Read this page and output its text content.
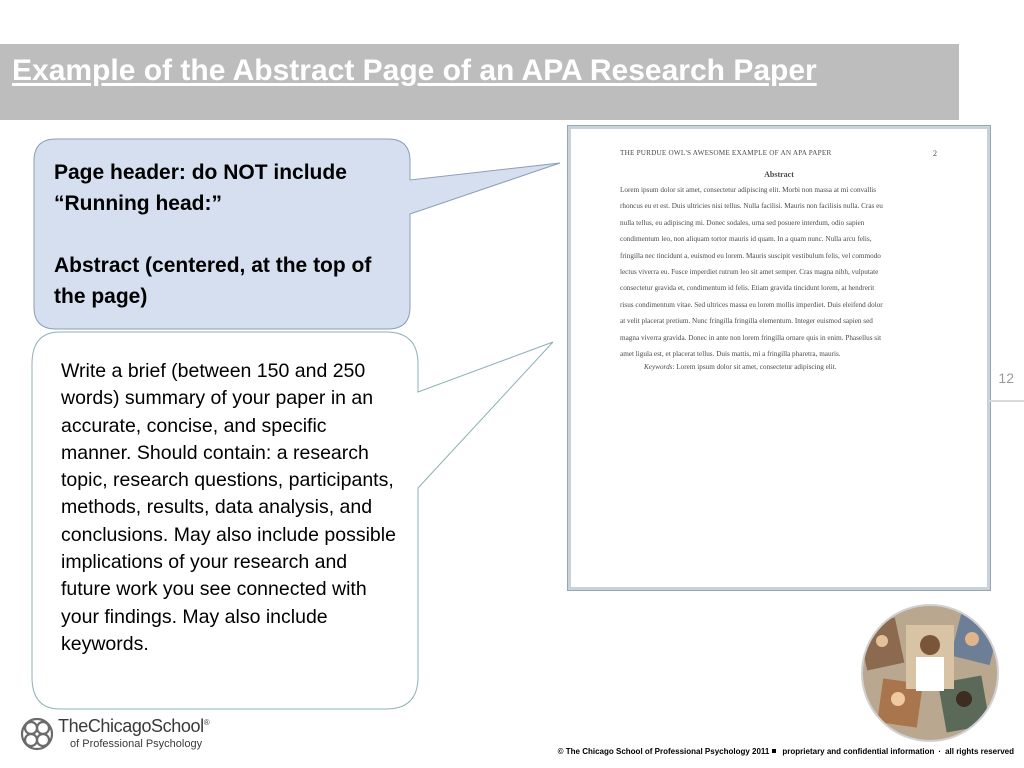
Example of the Abstract Page of an APA Research Paper

Page header: do NOT include “Running head:”

Abstract (centered, at the top of the page)

Write a brief (between 150 and 250 words) summary of your paper in an accurate, concise, and specific manner. Should contain: a research topic, research questions, participants, methods, results, data analysis, and conclusions. May also include possible implications of your research and future work you see connected with your findings. May also include keywords.
THE PURDUE OWL'S AWESOME EXAMPLE OF AN APA PAPER	2
Abstract
Lorem ipsum dolor sit amet, consectetur adipiscing elit. Morbi non massa at mi convallis
rhoncus eu et est. Duis ultricies nisi tellus. Nulla facilisi. Mauris non facilisis nulla. Cras eu
nulla tellus, eu adipiscing mi. Donec sodales, urna sed posuere interdum, odio sapien
condimentum leo, non aliquam tortor mauris id quam. In a quam nunc. Nulla arcu felis,
fringilla nec tincidunt a, euismod eu lorem. Mauris suscipit vestibulum felis, vel commodo
lectus viverra eu. Fusce imperdiet rutrum leo sit amet semper. Cras magna nibh, vulputate
consectetur gravida et, condimentum id felis. Etiam gravida tincidunt lorem, at hendrerit
risus condimentum vitae. Sed ultrices massa eu lorem mollis imperdiet. Duis eleifend dolor
at velit placerat pretium. Nunc fringilla fringilla elementum. Integer euismod sapien sed
magna viverra gravida. Donec in ante non lorem fringilla ornare quis in enim. Phasellus sit
amet ligula est, et placerat tellus. Duis mattis, mi a fringilla pharetra, mauris.
Keywords: Lorem ipsum dolor sit amet, consectetur adipiscing elit.
12
TheChicagoSchool®
of Professional Psychology
© The Chicago School of Professional Psychology 2011 proprietary and confidential information · all rights reserved
